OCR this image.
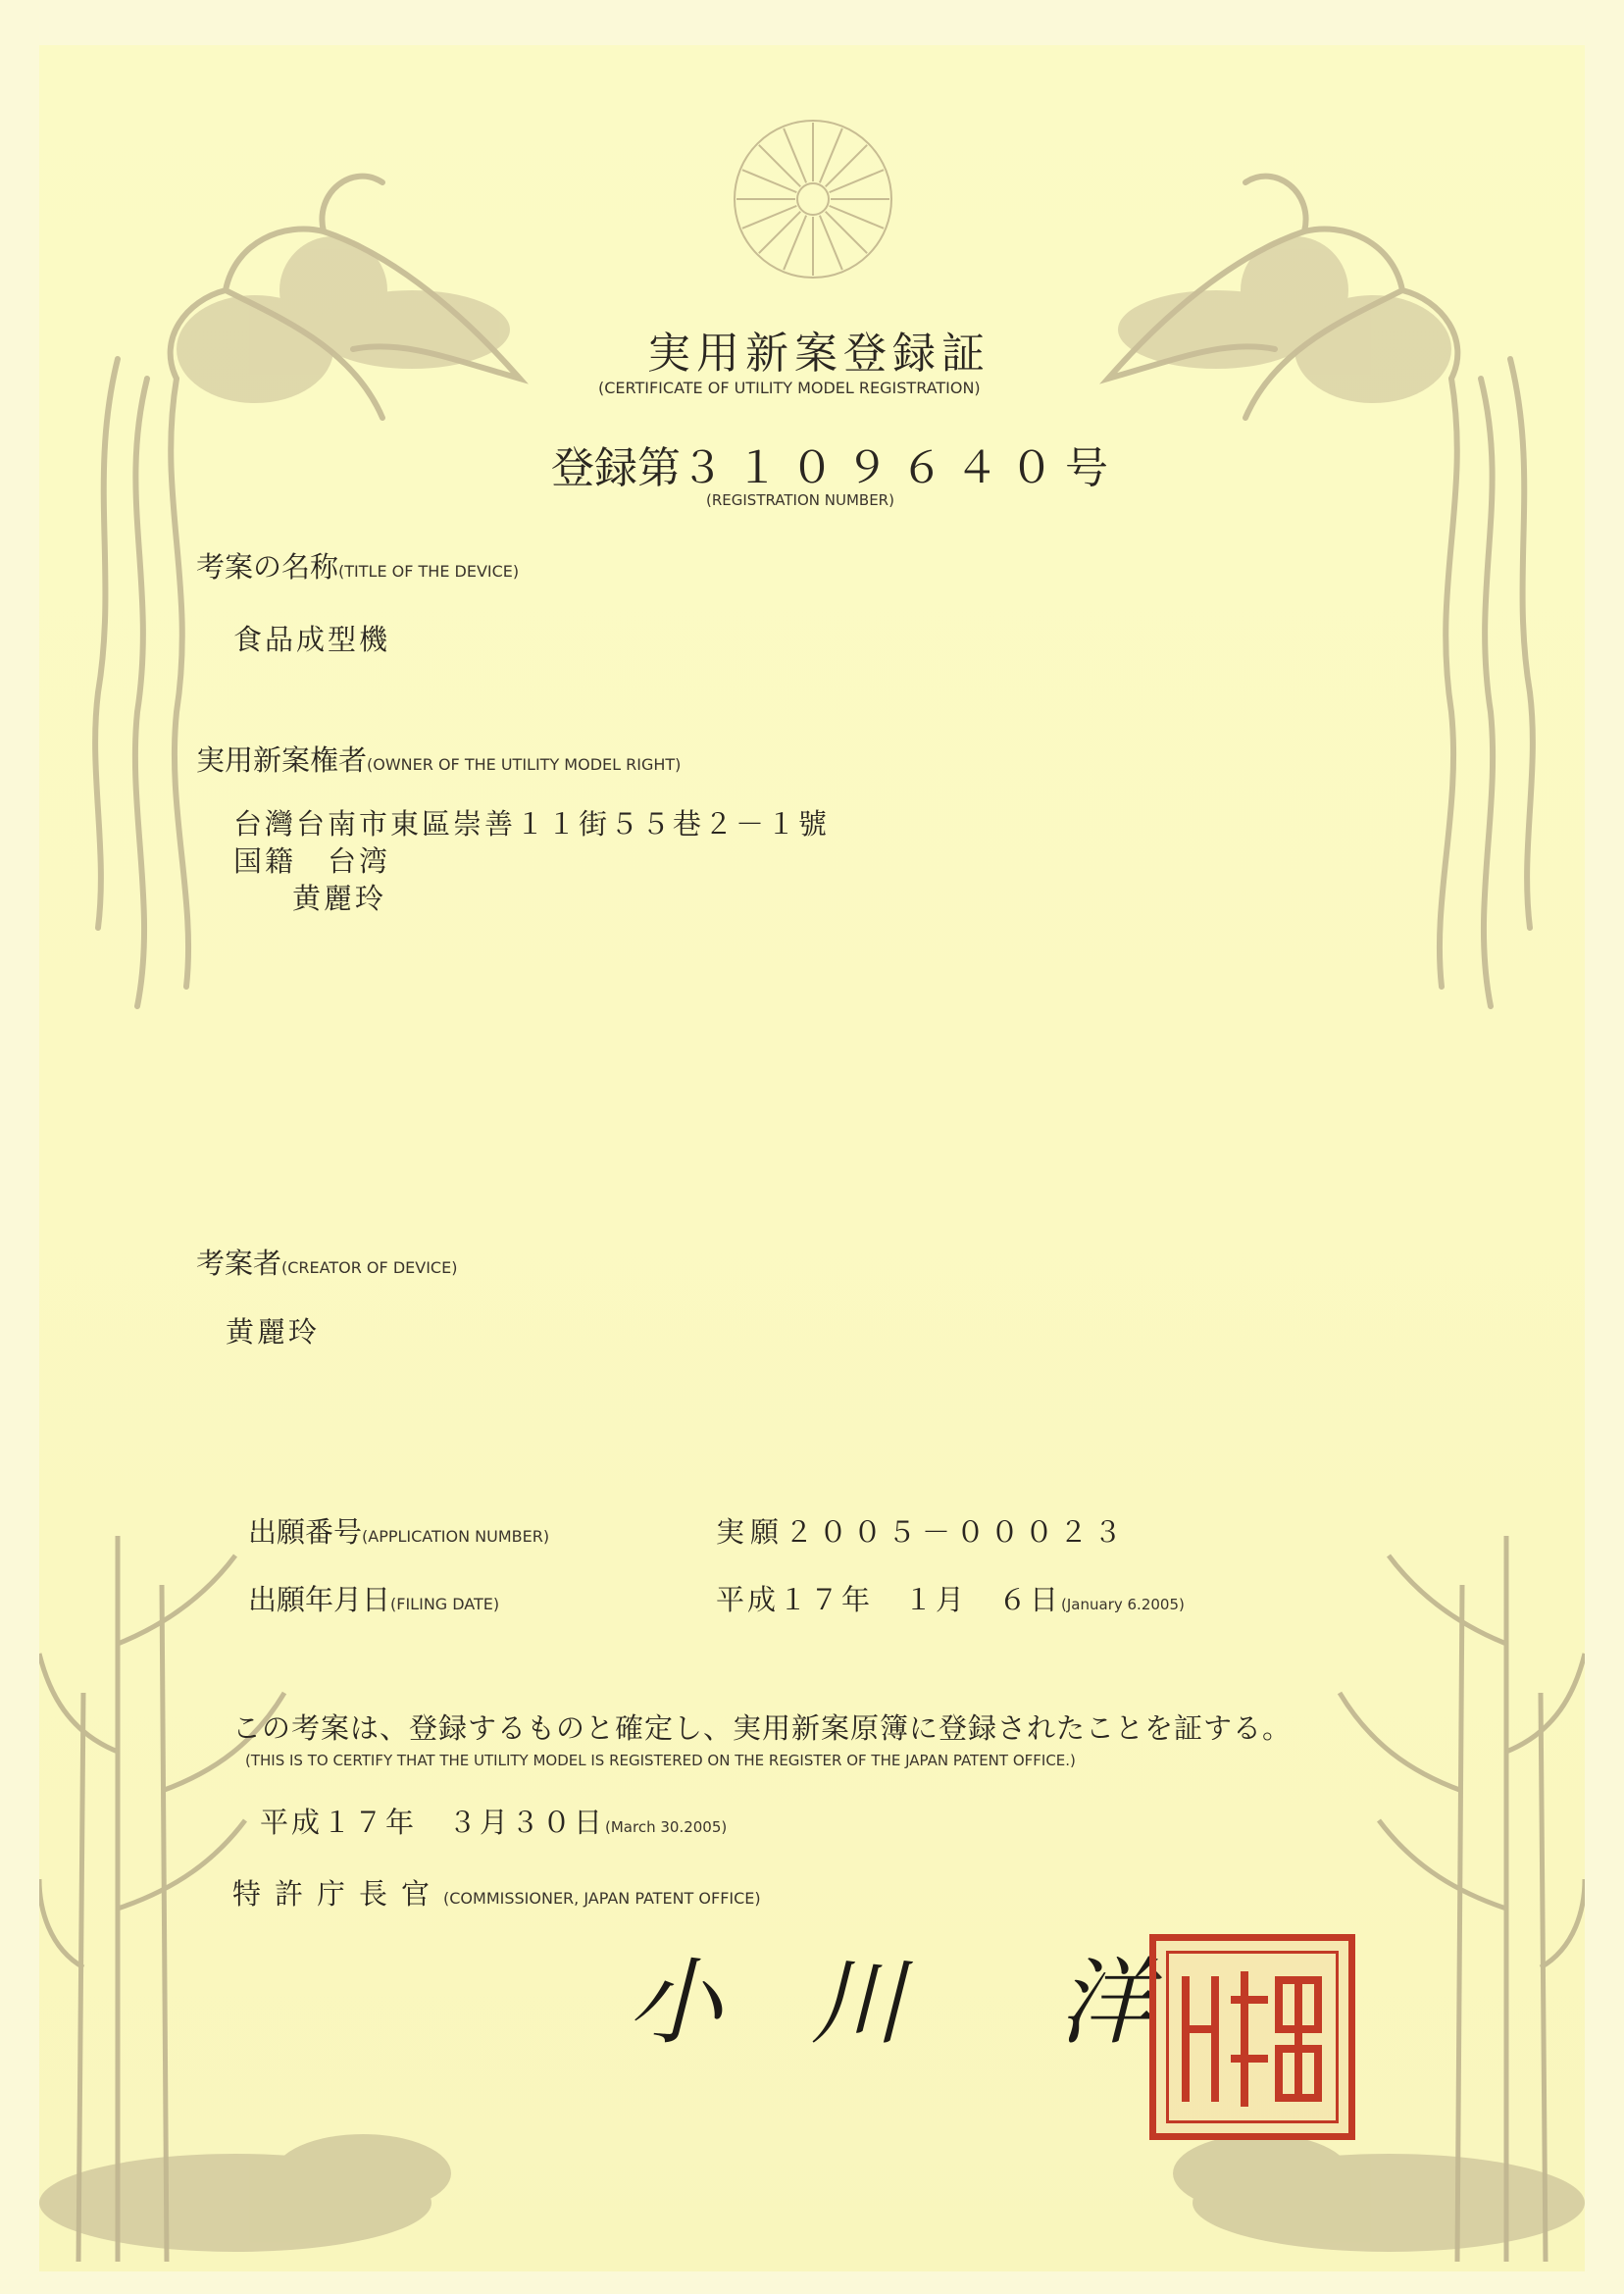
実用新案登録証
(CERTIFICATE OF UTILITY MODEL REGISTRATION)
登録第３１０９６４０号
(REGISTRATION NUMBER)
考案の名称(TITLE OF THE DEVICE)
食品成型機
実用新案権者(OWNER OF THE UTILITY MODEL RIGHT)
台灣台南市東區崇善１１街５５巷２－１號
国籍　台湾
黄麗玲
考案者(CREATOR OF DEVICE)
黄麗玲
出願番号(APPLICATION NUMBER)	実願２００５－０００２３
出願年月日(FILING DATE)	平成１７年　１月　６日(January 6.2005)
この考案は、登録するものと確定し、実用新案原簿に登録されたことを証する。
(THIS IS TO CERTIFY THAT THE UTILITY MODEL IS REGISTERED ON THE REGISTER OF THE JAPAN PATENT OFFICE.)
平成１７年　３月３０日(March 30.2005)
特許庁長官(COMMISSIONER, JAPAN PATENT OFFICE)
小 川　洋
